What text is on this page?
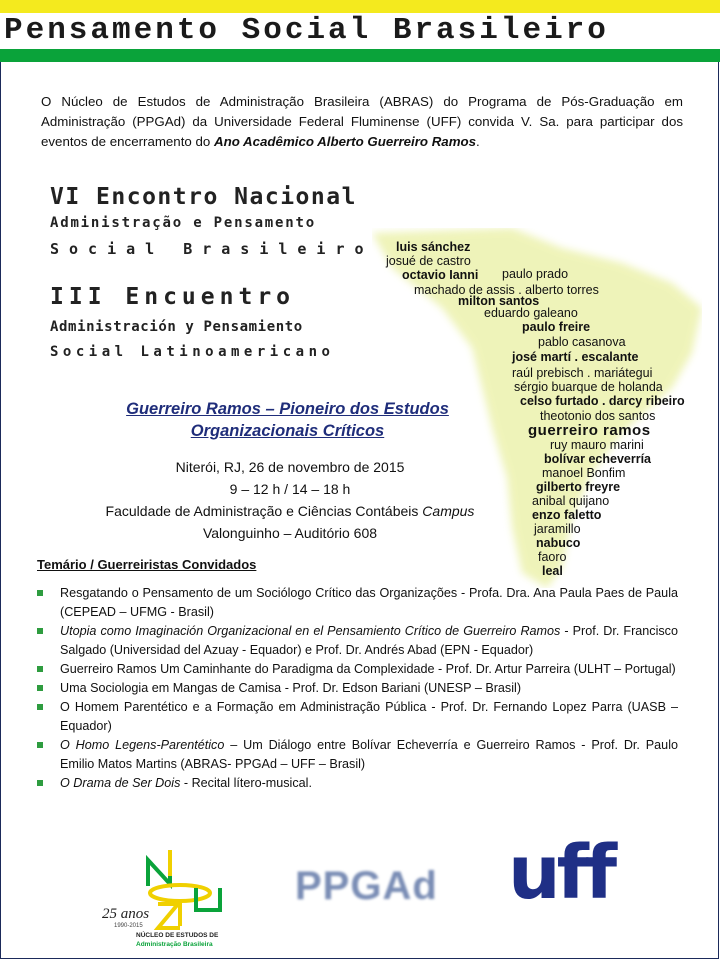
Pensamento Social Brasileiro
O Núcleo de Estudos de Administração Brasileira (ABRAS) do Programa de Pós-Graduação em Administração (PPGAd) da Universidade Federal Fluminense (UFF) convida V. Sa. para participar dos eventos de encerramento do Ano Acadêmico Alberto Guerreiro Ramos.
VI Encontro Nacional
Administração e Pensamento
Social Brasileiro
III Encuentro
Administración y Pensamiento
Social Latinoamericano
luis sánchez
josué de castro
octavio Ianni paulo prado
machado de assis . alberto torres
milton santos
eduardo galeano
paulo freire
pablo casanova
josé martí . escalante
raúl prebisch . mariátegui
sérgio buarque de holanda
celso furtado . darcy ribeiro
theotonio dos santos
guerreiro ramos
ruy mauro marini
bolívar echeverría
manoel Bonfim
gilberto freyre
anibal quijano
enzo faletto
jaramillo
nabuco
faoro
leal
Guerreiro Ramos – Pioneiro dos Estudos
Organizacionais Críticos
Niterói, RJ, 26 de novembro de 2015
9 – 12 h / 14 – 18 h
Faculdade de Administração e Ciências Contábeis Campus
Valonguinho – Auditório 608
Temário / Guerreiristas Convidados
Resgatando o Pensamento de um Sociólogo Crítico das Organizações - Profa. Dra. Ana Paula Paes de Paula (CEPEAD – UFMG - Brasil)
Utopia como Imaginación Organizacional en el Pensamiento Crítico de Guerreiro Ramos - Prof. Dr. Francisco Salgado (Universidad del Azuay - Equador) e Prof. Dr. Andrés Abad (EPN - Equador)
Guerreiro Ramos Um Caminhante do Paradigma da Complexidade - Prof. Dr. Artur Parreira (ULHT – Portugal)
Uma Sociologia em Mangas de Camisa - Prof. Dr. Edson Bariani (UNESP – Brasil)
O Homem Parentético e a Formação em Administração Pública - Prof. Dr. Fernando Lopez Parra (UASB – Equador)
O Homo Legens-Parentético – Um Diálogo entre Bolívar Echeverría e Guerreiro Ramos - Prof. Dr. Paulo Emilio Matos Martins (ABRAS- PPGAd – UFF – Brasil)
O Drama de Ser Dois - Recital lítero-musical.
25 anos
1990-2015
NÚCLEO DE ESTUDOS DE
Administração Brasileira
PPGAd uff
